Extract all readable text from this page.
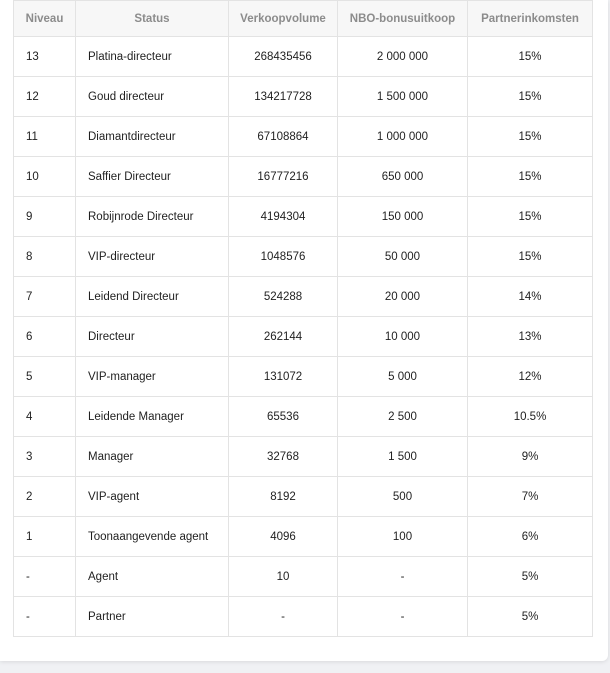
Niveau	Status	Verkoopvolume	NBO-bonusuitkoop	Partnerinkomsten
13	Platina-directeur	268435456	2 000 000	15%
12	Goud directeur	134217728	1 500 000	15%
11	Diamantdirecteur	67108864	1 000 000	15%
10	Saffier Directeur	16777216	650 000	15%
9	Robijnrode Directeur	4194304	150 000	15%
8	VIP-directeur	1048576	50 000	15%
7	Leidend Directeur	524288	20 000	14%
6	Directeur	262144	10 000	13%
5	VIP-manager	131072	5 000	12%
4	Leidende Manager	65536	2 500	10.5%
3	Manager	32768	1 500	9%
2	VIP-agent	8192	500	7%
1	Toonaangevende agent	4096	100	6%
-	Agent	10	-	5%
-	Partner	-	-	5%
